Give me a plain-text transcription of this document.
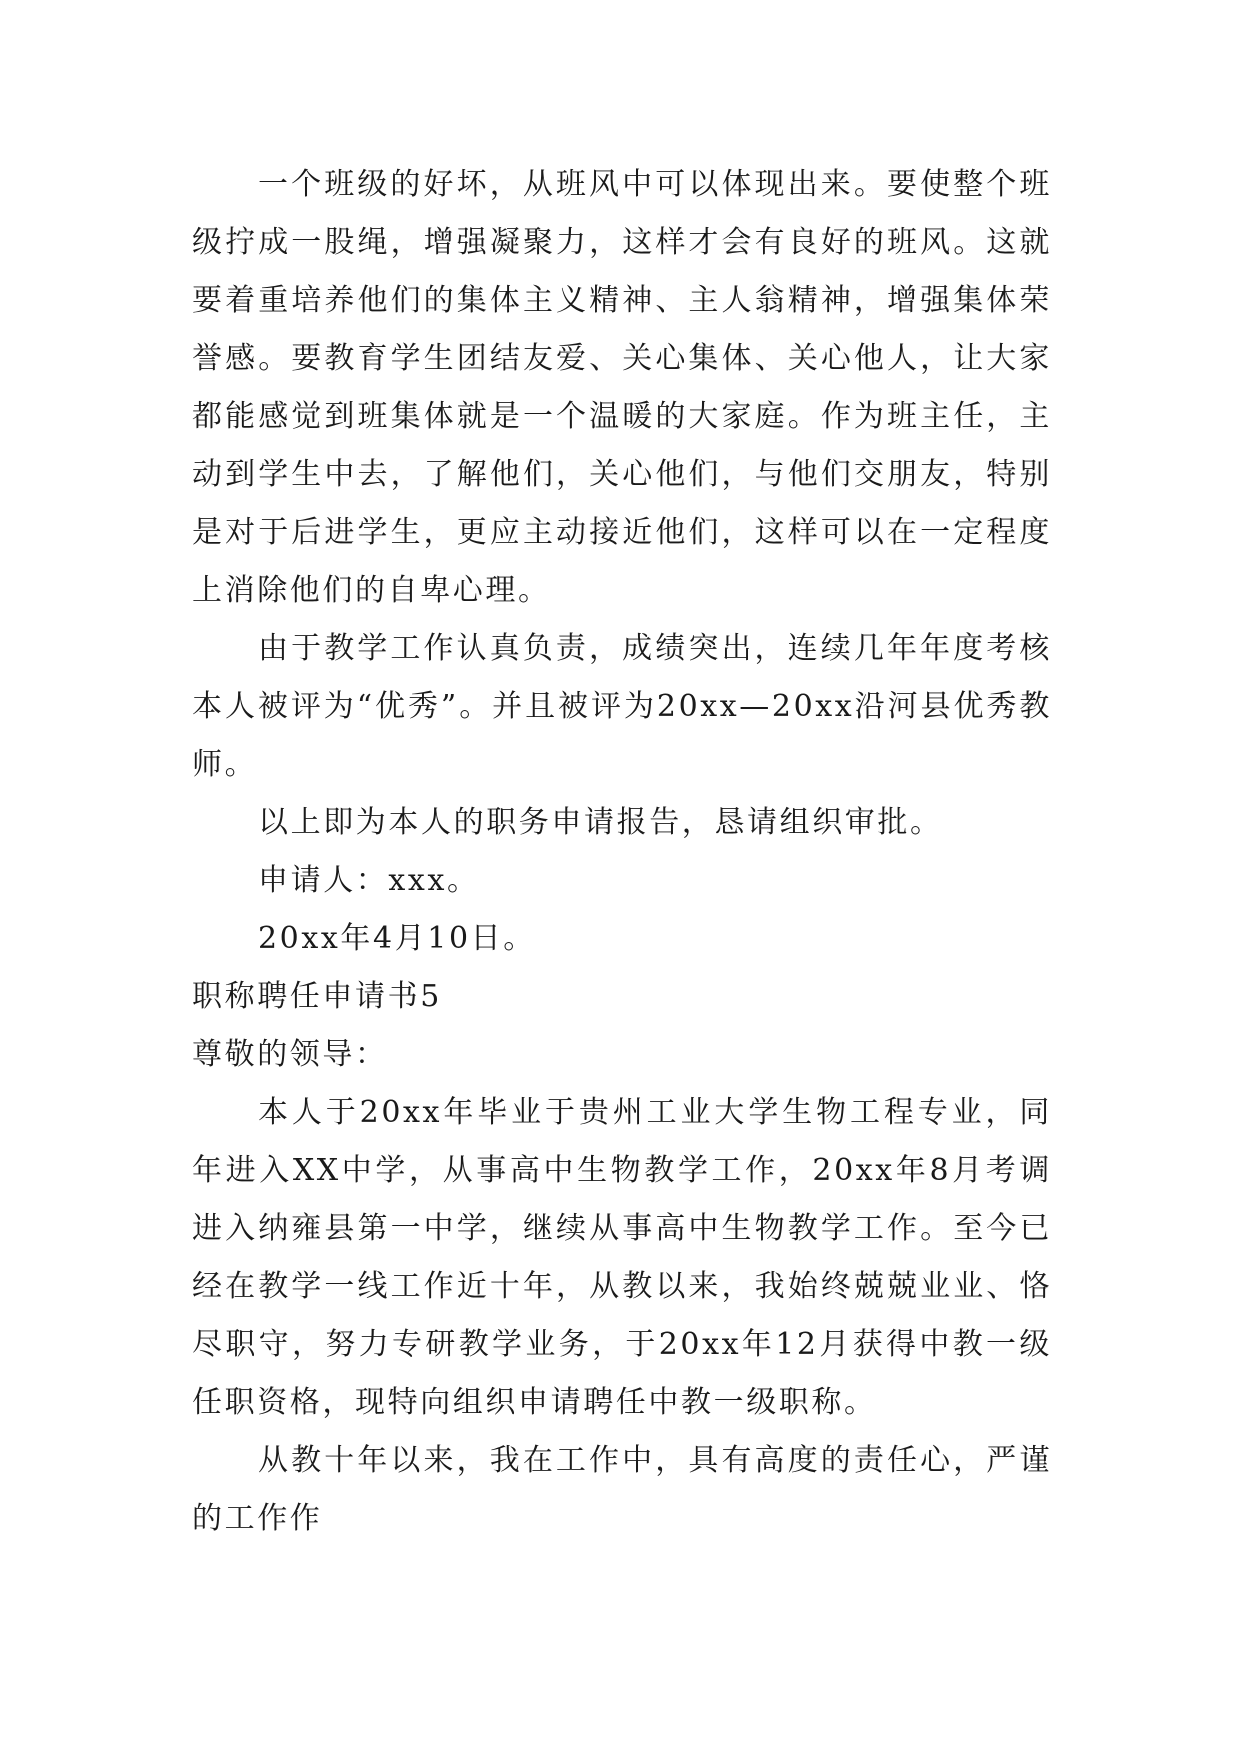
一个班级的好坏，从班风中可以体现出来。要使整个班级拧成一股绳，增强凝聚力，这样才会有良好的班风。这就要着重培养他们的集体主义精神、主人翁精神，增强集体荣誉感。要教育学生团结友爱、关心集体、关心他人，让大家都能感觉到班集体就是一个温暖的大家庭。作为班主任，主动到学生中去，了解他们，关心他们，与他们交朋友，特别是对于后进学生，更应主动接近他们，这样可以在一定程度上消除他们的自卑心理。

由于教学工作认真负责，成绩突出，连续几年年度考核本人被评为“优秀”。并且被评为20xx—20xx沿河县优秀教师。

以上即为本人的职务申请报告，恳请组织审批。

申请人：xxx。

20xx年4月10日。

职称聘任申请书5

尊敬的领导：

本人于20xx年毕业于贵州工业大学生物工程专业，同年进入XX中学，从事高中生物教学工作，20xx年8月考调进入纳雍县第一中学，继续从事高中生物教学工作。至今已经在教学一线工作近十年，从教以来，我始终兢兢业业、恪尽职守，努力专研教学业务，于20xx年12月获得中教一级任职资格，现特向组织申请聘任中教一级职称。

从教十年以来，我在工作中，具有高度的责任心，严谨的工作作
